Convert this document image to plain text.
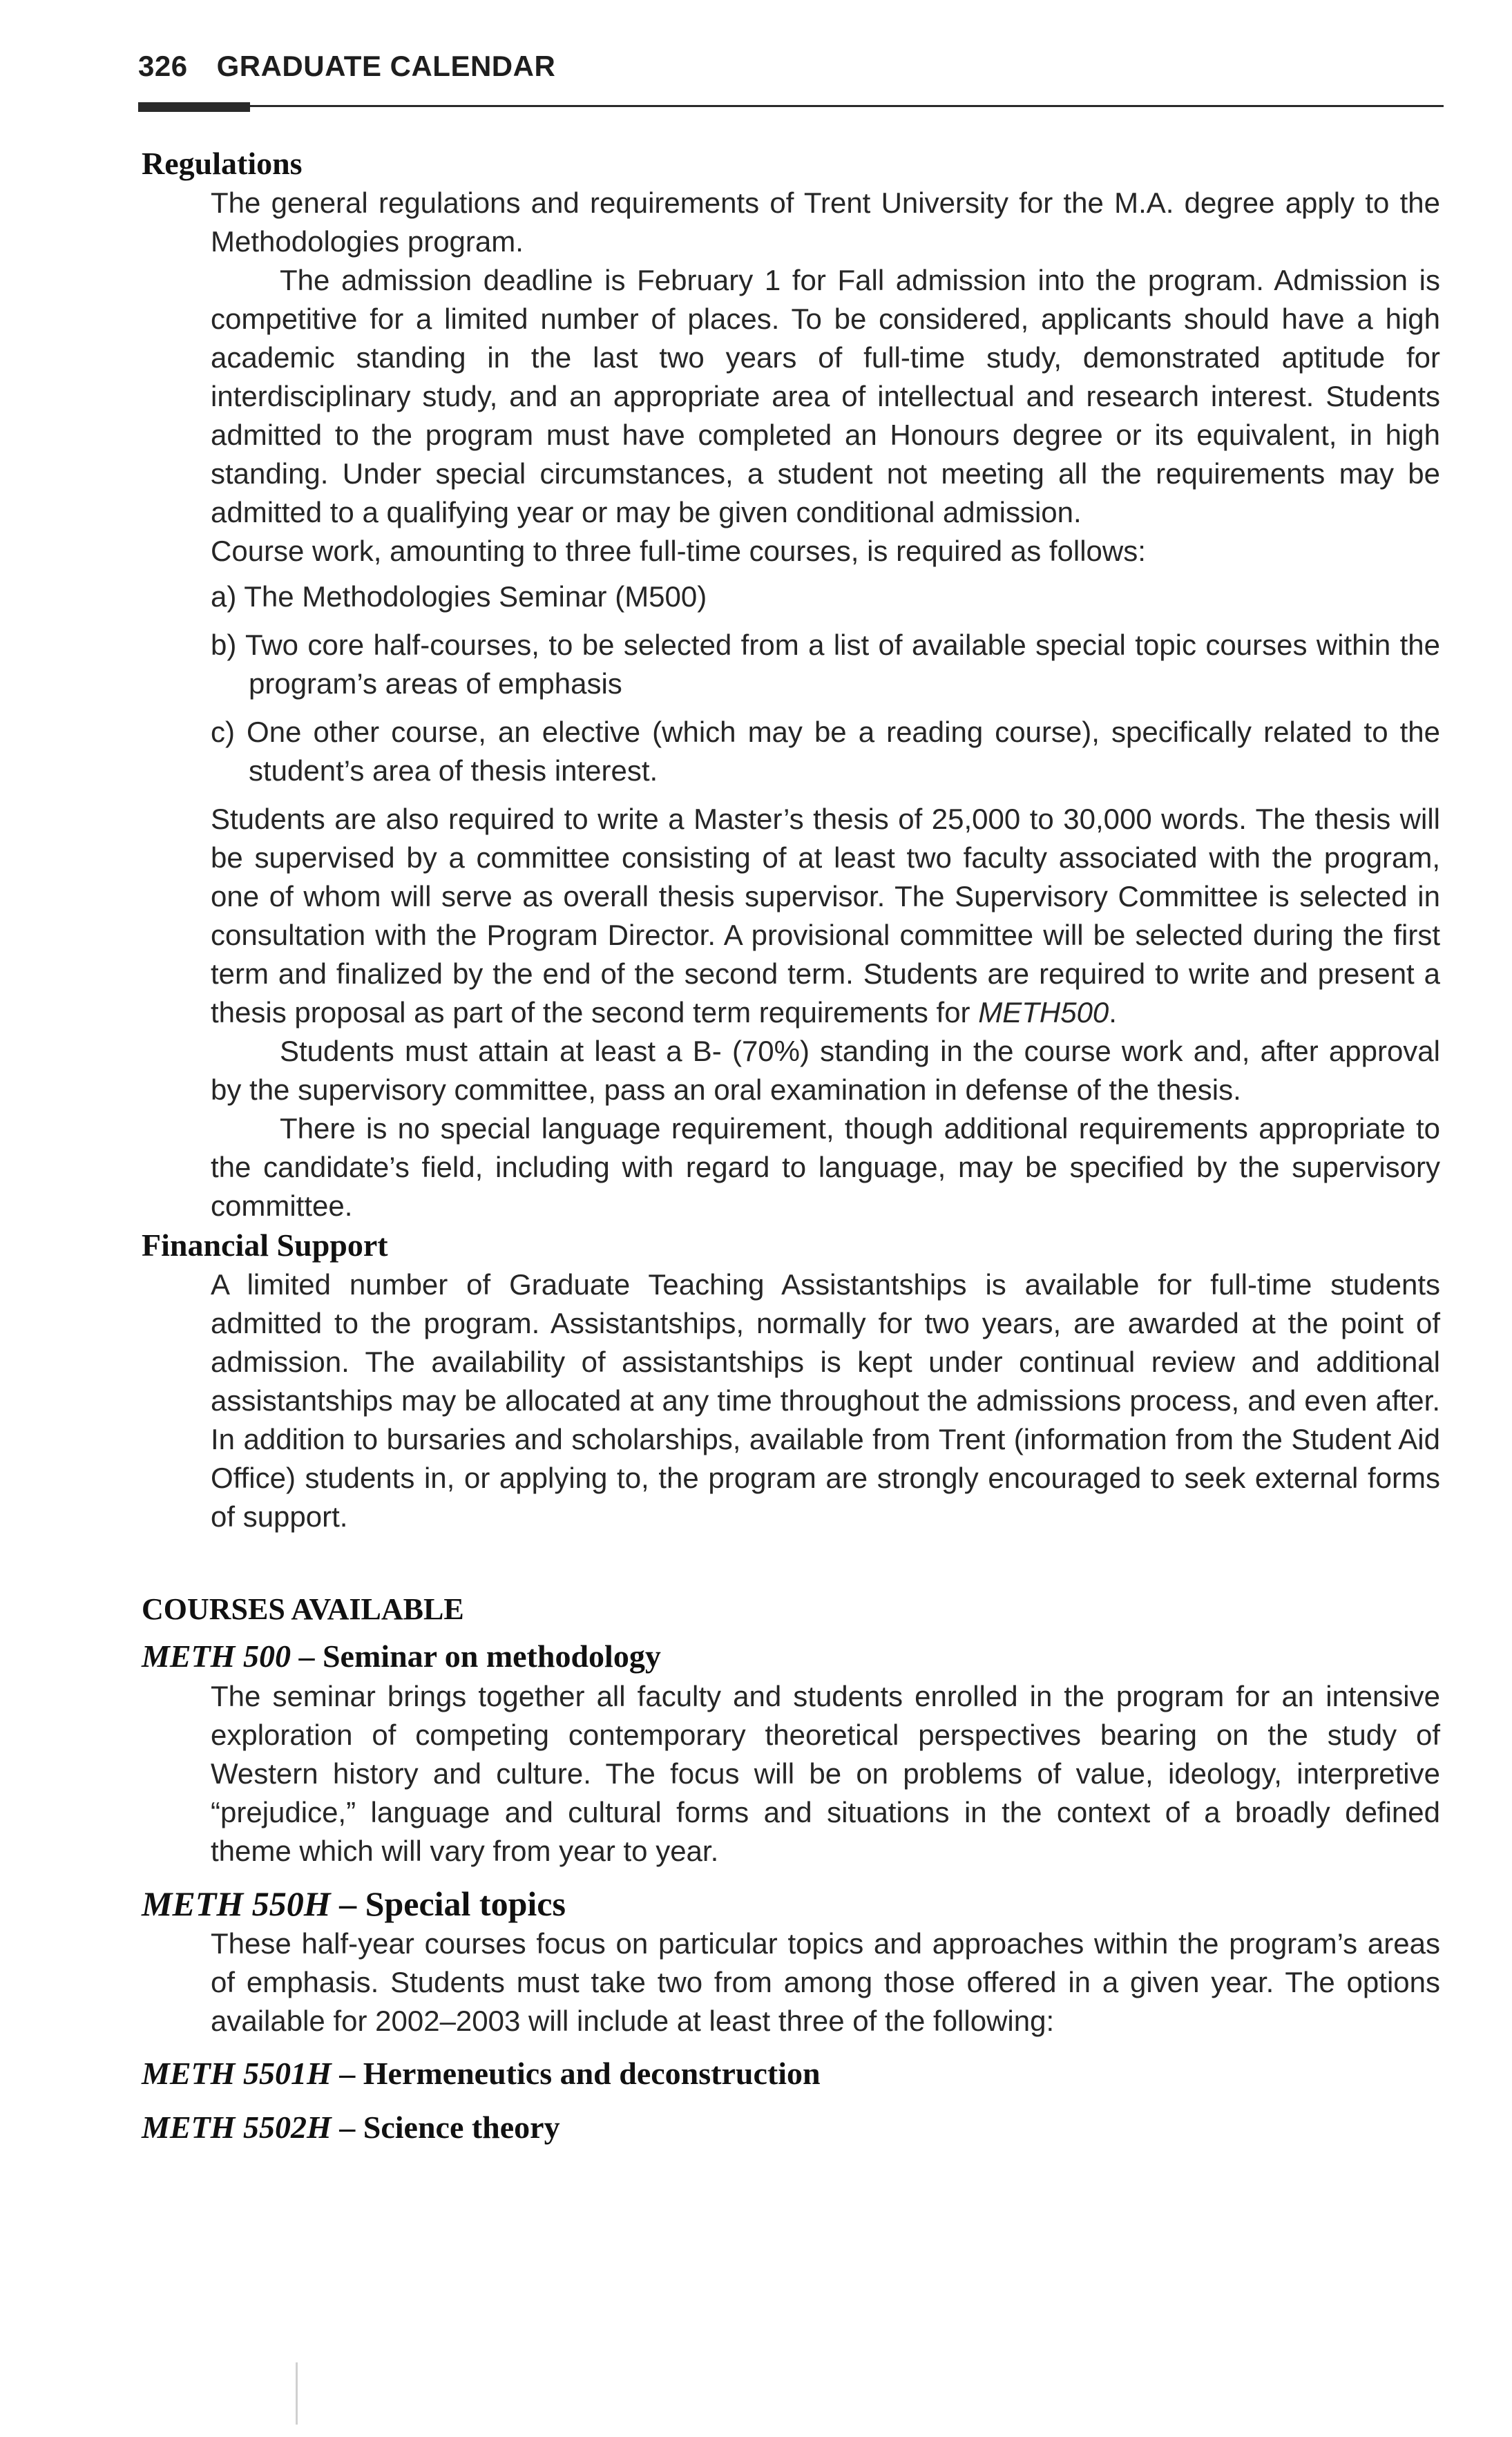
326 GRADUATE CALENDAR
Regulations

The general regulations and requirements of Trent University for the M.A. degree apply to the Methodologies program.

The admission deadline is February 1 for Fall admission into the program. Admission is competitive for a limited number of places. To be considered, applicants should have a high academic standing in the last two years of full-time study, demonstrated aptitude for interdisciplinary study, and an appropriate area of intellectual and research interest. Students admitted to the program must have completed an Honours degree or its equivalent, in high standing. Under special circumstances, a student not meeting all the requirements may be admitted to a qualifying year or may be given conditional admission.

Course work, amounting to three full-time courses, is required as follows:

a) The Methodologies Seminar (M500)

b) Two core half-courses, to be selected from a list of available special topic courses within the program’s areas of emphasis

c) One other course, an elective (which may be a reading course), specifically related to the student’s area of thesis interest.

Students are also required to write a Master’s thesis of 25,000 to 30,000 words. The thesis will be supervised by a committee consisting of at least two faculty associated with the program, one of whom will serve as overall thesis supervisor. The Supervisory Committee is selected in consultation with the Program Director. A provisional committee will be selected during the first term and finalized by the end of the second term. Students are required to write and present a thesis proposal as part of the second term requirements for METH500.

Students must attain at least a B- (70%) standing in the course work and, after approval by the supervisory committee, pass an oral examination in defense of the thesis.

There is no special language requirement, though additional requirements appropriate to the candidate’s field, including with regard to language, may be specified by the supervisory committee.

Financial Support

A limited number of Graduate Teaching Assistantships is available for full-time students admitted to the program. Assistantships, normally for two years, are awarded at the point of admission. The availability of assistantships is kept under continual review and additional assistantships may be allocated at any time throughout the admissions process, and even after. In addition to bursaries and scholarships, available from Trent (information from the Student Aid Office) students in, or applying to, the program are strongly encouraged to seek external forms of support.

COURSES AVAILABLE
METH 500 – Seminar on methodology

The seminar brings together all faculty and students enrolled in the program for an intensive exploration of competing contemporary theoretical perspectives bearing on the study of Western history and culture. The focus will be on problems of value, ideology, interpretive “prejudice,” language and cultural forms and situations in the context of a broadly defined theme which will vary from year to year.

METH 550H – Special topics

These half-year courses focus on particular topics and approaches within the program’s areas of emphasis. Students must take two from among those offered in a given year. The options available for 2002–2003 will include at least three of the following:

METH 5501H – Hermeneutics and deconstruction
METH 5502H – Science theory
